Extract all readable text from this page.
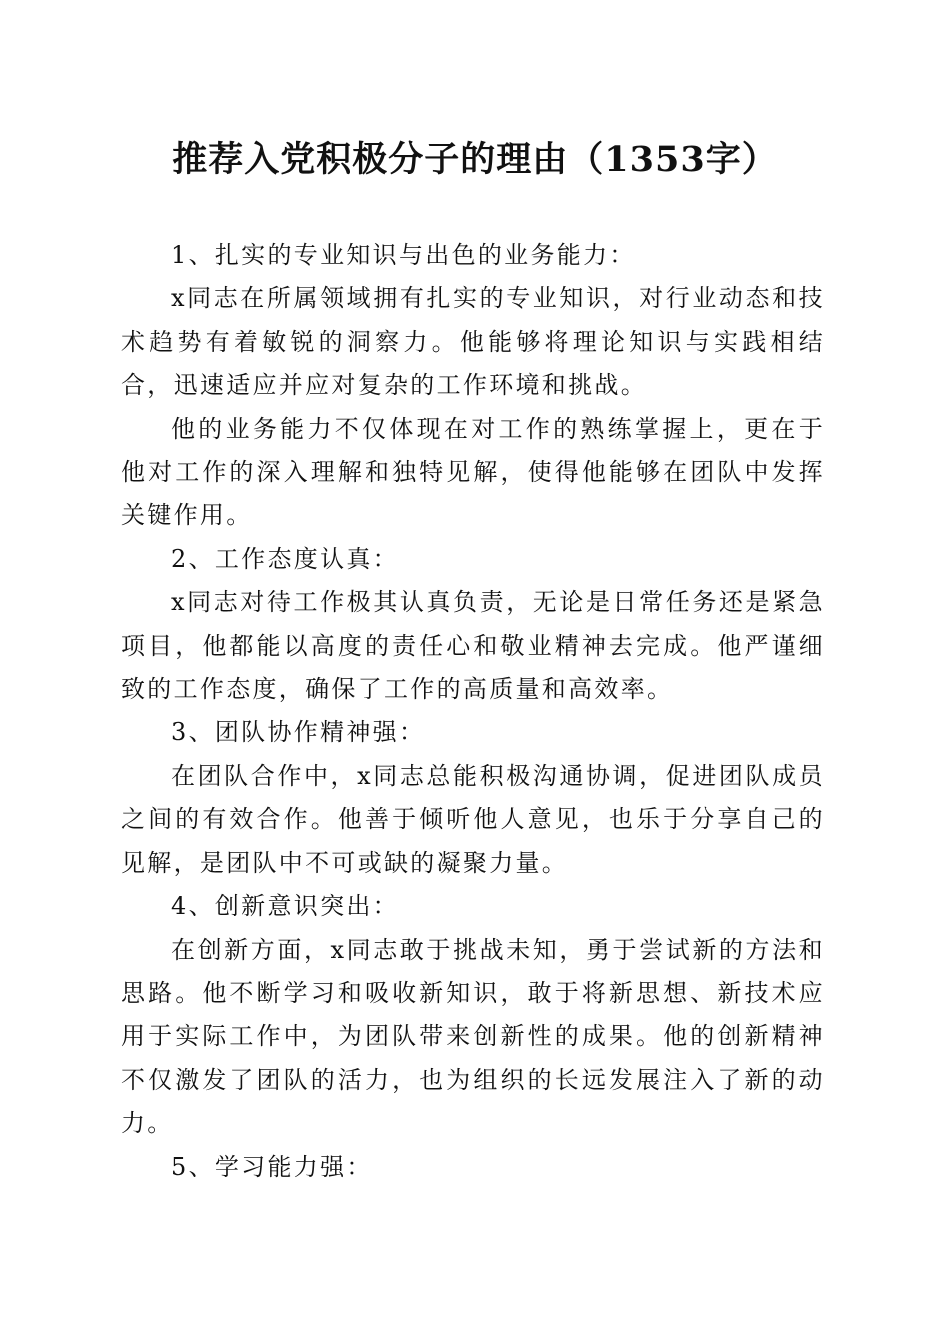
推荐入党积极分子的理由（1353字）

1、扎实的专业知识与出色的业务能力：

x同志在所属领域拥有扎实的专业知识，对行业动态和技术趋势有着敏锐的洞察力。他能够将理论知识与实践相结合，迅速适应并应对复杂的工作环境和挑战。

他的业务能力不仅体现在对工作的熟练掌握上，更在于他对工作的深入理解和独特见解，使得他能够在团队中发挥关键作用。

2、工作态度认真：

x同志对待工作极其认真负责，无论是日常任务还是紧急项目，他都能以高度的责任心和敬业精神去完成。他严谨细致的工作态度，确保了工作的高质量和高效率。

3、团队协作精神强：

在团队合作中，x同志总能积极沟通协调，促进团队成员之间的有效合作。他善于倾听他人意见，也乐于分享自己的见解，是团队中不可或缺的凝聚力量。

4、创新意识突出：

在创新方面，x同志敢于挑战未知，勇于尝试新的方法和思路。他不断学习和吸收新知识，敢于将新思想、新技术应用于实际工作中，为团队带来创新性的成果。他的创新精神不仅激发了团队的活力，也为组织的长远发展注入了新的动力。

5、学习能力强：
